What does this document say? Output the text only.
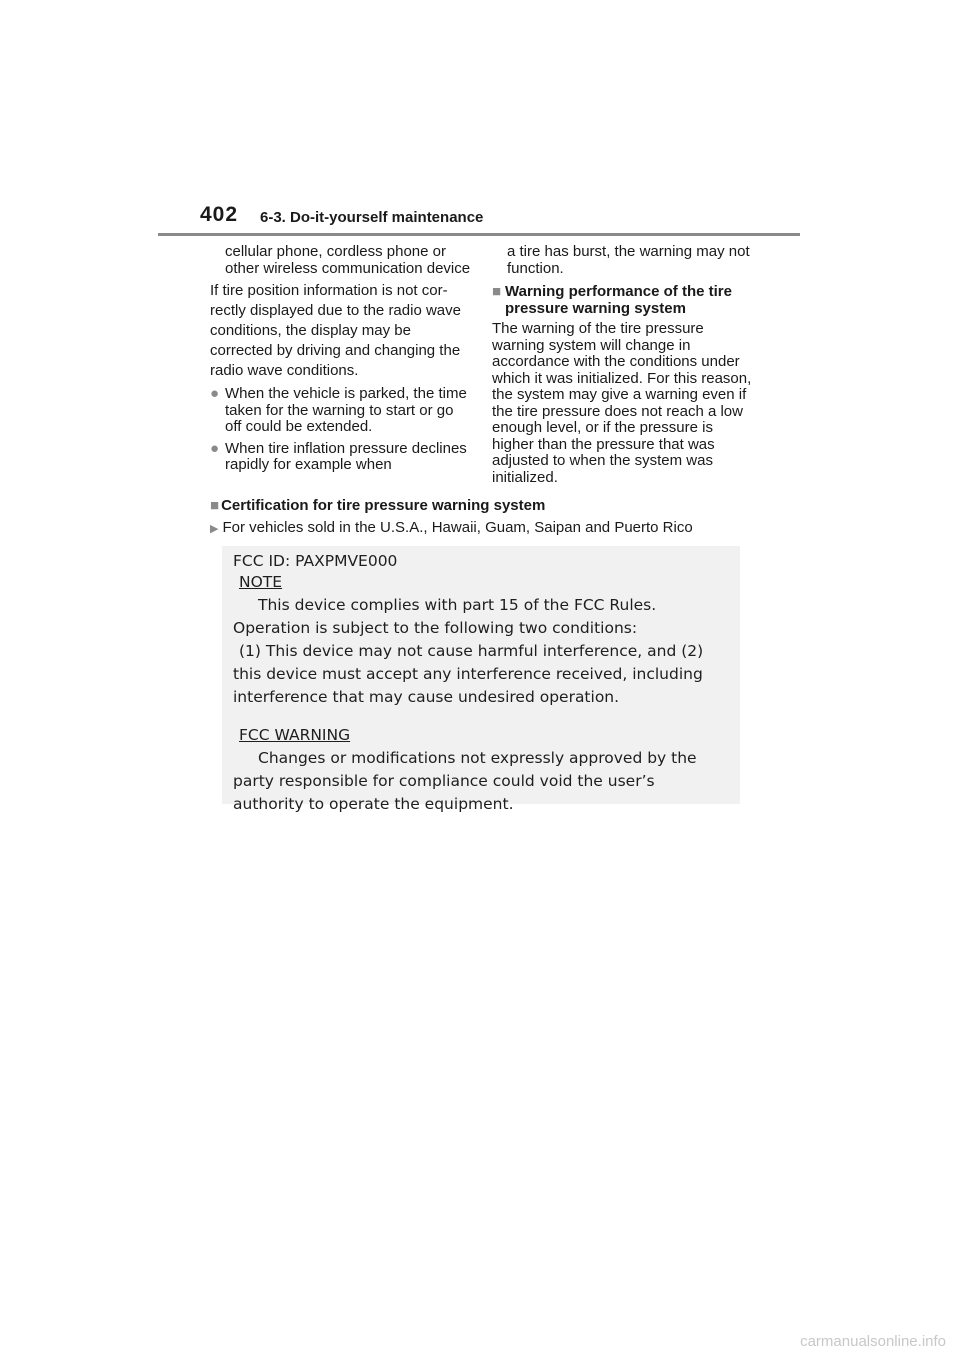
402 6-3. Do-it-yourself maintenance

cellular phone, cordless phone or other wireless communication device

If tire position information is not cor-rectly displayed due to the radio wave conditions, the display may be corrected by driving and changing the radio wave conditions.

● When the vehicle is parked, the time taken for the warning to start or go off could be extended.

● When tire inflation pressure declines rapidly for example when

a tire has burst, the warning may not function.

■ Warning performance of the tire pressure warning system

The warning of the tire pressure warning system will change in accordance with the conditions under which it was initialized. For this reason, the system may give a warning even if the tire pressure does not reach a low enough level, or if the pressure is higher than the pressure that was adjusted to when the system was initialized.

■ Certification for tire pressure warning system
▶ For vehicles sold in the U.S.A., Hawaii, Guam, Saipan and Puerto Rico
FCC ID: PAXPMVE000
NOTE
This device complies with part 15 of the FCC Rules.
Operation is subject to the following two conditions:
(1) This device may not cause harmful interference, and (2)
this device must accept any interference received, including
interference that may cause undesired operation.
FCC WARNING
Changes or modifications not expressly approved by the
party responsible for compliance could void the user’s
authority to operate the equipment.
carmanualsonline.info
